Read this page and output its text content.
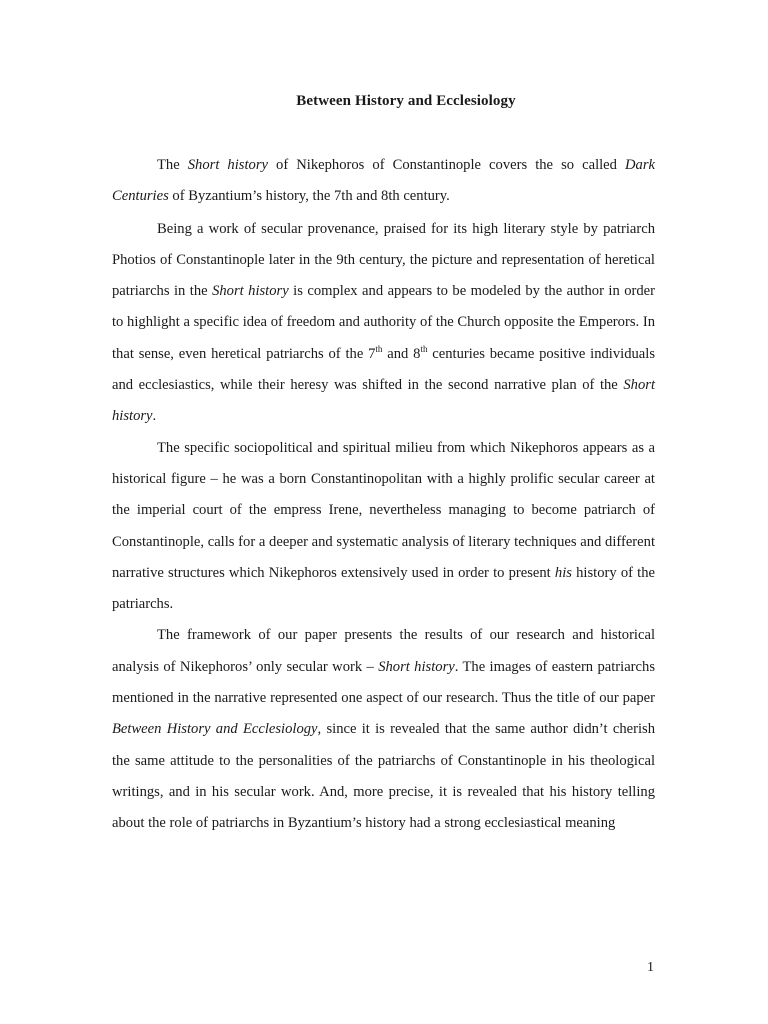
Between History and Ecclesiology

The Short history of Nikephoros of Constantinople covers the so called Dark Centuries of Byzantium’s history, the 7th and 8th century.

Being a work of secular provenance, praised for its high literary style by patriarch Photios of Constantinople later in the 9th century, the picture and representation of heretical patriarchs in the Short history is complex and appears to be modeled by the author in order to highlight a specific idea of freedom and authority of the Church opposite the Emperors. In that sense, even heretical patriarchs of the 7th and 8th centuries became positive individuals and ecclesiastics, while their heresy was shifted in the second narrative plan of the Short history.

The specific sociopolitical and spiritual milieu from which Nikephoros appears as a historical figure – he was a born Constantinopolitan with a highly prolific secular career at the imperial court of the empress Irene, nevertheless managing to become patriarch of Constantinople, calls for a deeper and systematic analysis of literary techniques and different narrative structures which Nikephoros extensively used in order to present his history of the patriarchs.

The framework of our paper presents the results of our research and historical analysis of Nikephoros’ only secular work – Short history. The images of eastern patriarchs mentioned in the narrative represented one aspect of our research. Thus the title of our paper Between History and Ecclesiology, since it is revealed that the same author didn’t cherish the same attitude to the personalities of the patriarchs of Constantinople in his theological writings, and in his secular work. And, more precise, it is revealed that his history telling about the role of patriarchs in Byzantium’s history had a strong ecclesiastical meaning

1
